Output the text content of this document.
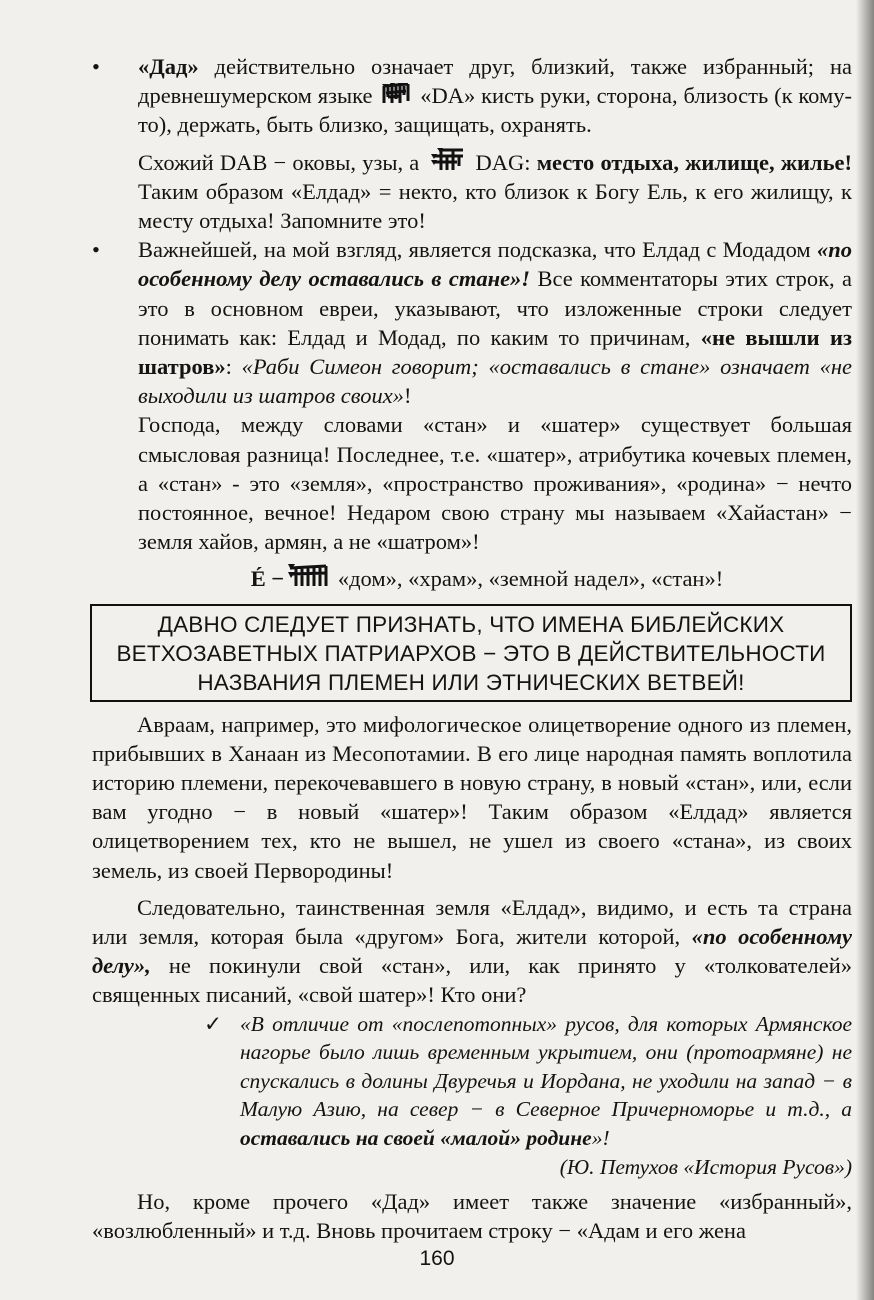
• «Дад» действительно означает друг, близкий, также избранный; на древнешумерском языке
«DA» кисть руки, сторона, близость (к кому-то), держать, быть близко, защищать, охранять.

Схожий DAB − оковы, узы, а
DAG: место отдыха, жилище, жилье! Таким образом «Елдад» = некто, кто близок к Богу Ель, к его жилищу, к месту отдыха! Запомните это!

• Важнейшей, на мой взгляд, является подсказка, что Елдад с Модадом «по особенному делу оставались в стане»! Все комментаторы этих строк, а это в основном евреи, указывают, что изложенные строки следует понимать как: Елдад и Модад, по каким то причинам, «не вышли из шатров»: «Раби Симеон говорит; «оставались в стане» означает «не выходили из шатров своих»!

Господа, между словами «стан» и «шатер» существует большая смысловая разница! Последнее, т.е. «шатер», атрибутика кочевых племен, а «стан» - это «земля», «пространство проживания», «родина» − нечто постоянное, вечное! Недаром свою страну мы называем «Хайастан» − земля хайов, армян, а не «шатром»!

É −
«дом», «храм», «земной надел», «стан»!

ДАВНО СЛЕДУЕТ ПРИЗНАТЬ, ЧТО ИМЕНА БИБЛЕЙСКИХ ВЕТХОЗАВЕТНЫХ ПАТРИАРХОВ − ЭТО В ДЕЙСТВИТЕЛЬНОСТИ НАЗВАНИЯ ПЛЕМЕН ИЛИ ЭТНИЧЕСКИХ ВЕТВЕЙ!

Авраам, например, это мифологическое олицетворение одного из племен, прибывших в Ханаан из Месопотамии. В его лице народная память воплотила историю племени, перекочевавшего в новую страну, в новый «стан», или, если вам угодно − в новый «шатер»! Таким образом «Елдад» является олицетворением тех, кто не вышел, не ушел из своего «стана», из своих земель, из своей Первородины!

Следовательно, таинственная земля «Елдад», видимо, и есть та страна или земля, которая была «другом» Бога, жители которой, «по особенному делу», не покинули свой «стан», или, как принято у «толкователей» священных писаний, «свой шатер»! Кто они?

✓ «В отличие от «послепотопных» русов, для которых Армянское нагорье было лишь временным укрытием, они (протоармяне) не спускались в долины Двуречья и Иордана, не уходили на запад − в Малую Азию, на север − в Северное Причерноморье и т.д., а оставались на своей «малой» родине»!
(Ю. Петухов «История Русов»)

Но, кроме прочего «Дад» имеет также значение «избранный», «возлюбленный» и т.д. Вновь прочитаем строку − «Адам и его жена

160
